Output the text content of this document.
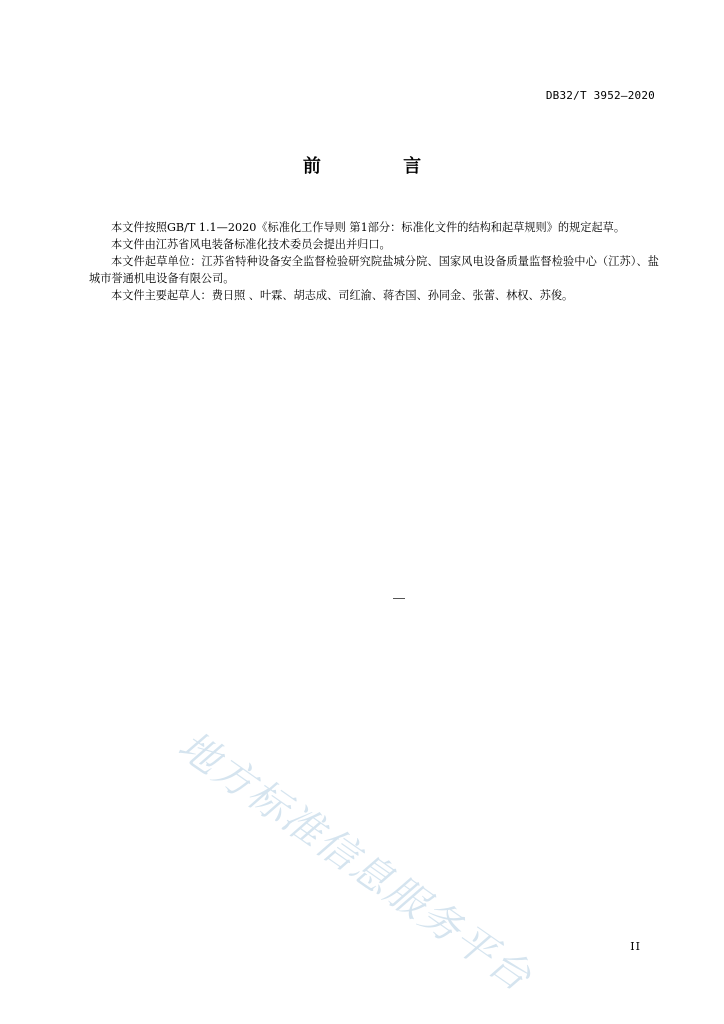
DB32/T 3952—2020
前 言

本文件按照GB/T 1.1—2020《标准化工作导则 第1部分：标准化文件的结构和起草规则》的规定起草。

本文件由江苏省风电装备标准化技术委员会提出并归口。

本文件起草单位：江苏省特种设备安全监督检验研究院盐城分院、国家风电设备质量监督检验中心（江苏）、盐城市誉通机电设备有限公司。

本文件主要起草人：费日照 、叶霖、胡志成、司红渝、蒋杏国、孙同金、张蕾、林权、苏俊。

地方标准信息服务平台	II
